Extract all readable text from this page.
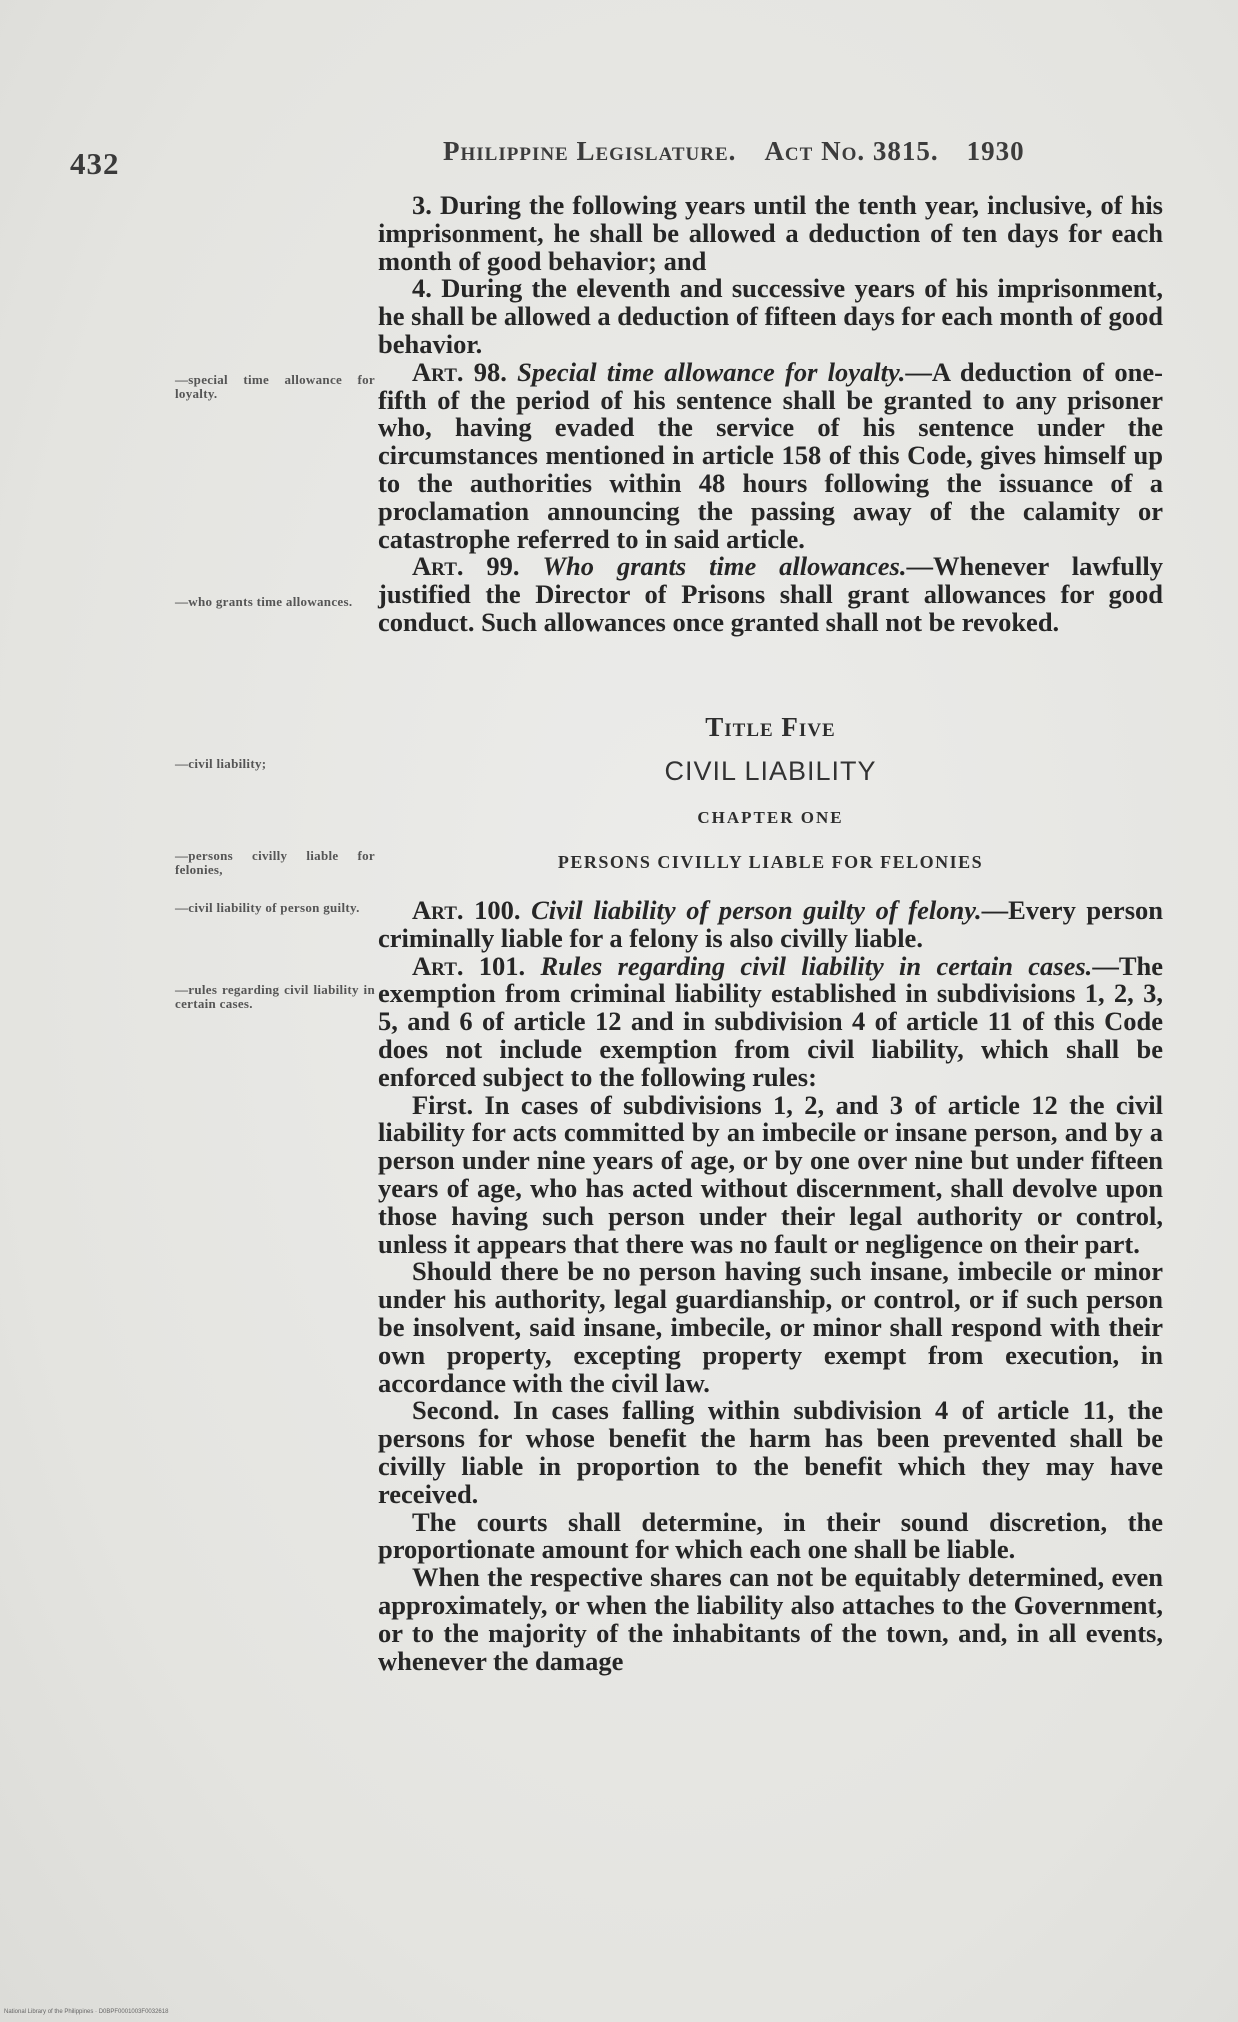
432	Philippine Legislature. Act No. 3815. 1930
—special time allowance for loyalty.
—who grants time allowances.
—civil liability;
—persons civilly liable for felonies,
—civil liability of person guilty.
—rules regarding civil liability in certain cases.

3. During the following years until the tenth year, inclusive, of his imprisonment, he shall be allowed a deduction of ten days for each month of good behavior; and

4. During the eleventh and successive years of his imprisonment, he shall be allowed a deduction of fifteen days for each month of good behavior.

Art. 98. Special time allowance for loyalty.—A deduction of one-fifth of the period of his sentence shall be granted to any prisoner who, having evaded the service of his sentence under the circumstances mentioned in article 158 of this Code, gives himself up to the authorities within 48 hours following the issuance of a proclamation announcing the passing away of the calamity or catastrophe referred to in said article.

Art. 99. Who grants time allowances.—Whenever lawfully justified the Director of Prisons shall grant allowances for good conduct. Such allowances once granted shall not be revoked.

Title Five
CIVIL LIABILITY
CHAPTER ONE
PERSONS CIVILLY LIABLE FOR FELONIES

Art. 100. Civil liability of person guilty of felony.—Every person criminally liable for a felony is also civilly liable.

Art. 101. Rules regarding civil liability in certain cases.—The exemption from criminal liability established in subdivisions 1, 2, 3, 5, and 6 of article 12 and in subdivision 4 of article 11 of this Code does not include exemption from civil liability, which shall be enforced subject to the following rules:

First. In cases of subdivisions 1, 2, and 3 of article 12 the civil liability for acts committed by an imbecile or insane person, and by a person under nine years of age, or by one over nine but under fifteen years of age, who has acted without discernment, shall devolve upon those having such person under their legal authority or control, unless it appears that there was no fault or negligence on their part.

Should there be no person having such insane, imbecile or minor under his authority, legal guardianship, or control, or if such person be insolvent, said insane, imbecile, or minor shall respond with their own property, excepting property exempt from execution, in accordance with the civil law.

Second. In cases falling within subdivision 4 of article 11, the persons for whose benefit the harm has been prevented shall be civilly liable in proportion to the benefit which they may have received.

The courts shall determine, in their sound discretion, the proportionate amount for which each one shall be liable.

When the respective shares can not be equitably determined, even approximately, or when the liability also attaches to the Government, or to the majority of the inhabitants of the town, and, in all events, whenever the damage

National Library of the Philippines · D0BPF0001003F0032618
